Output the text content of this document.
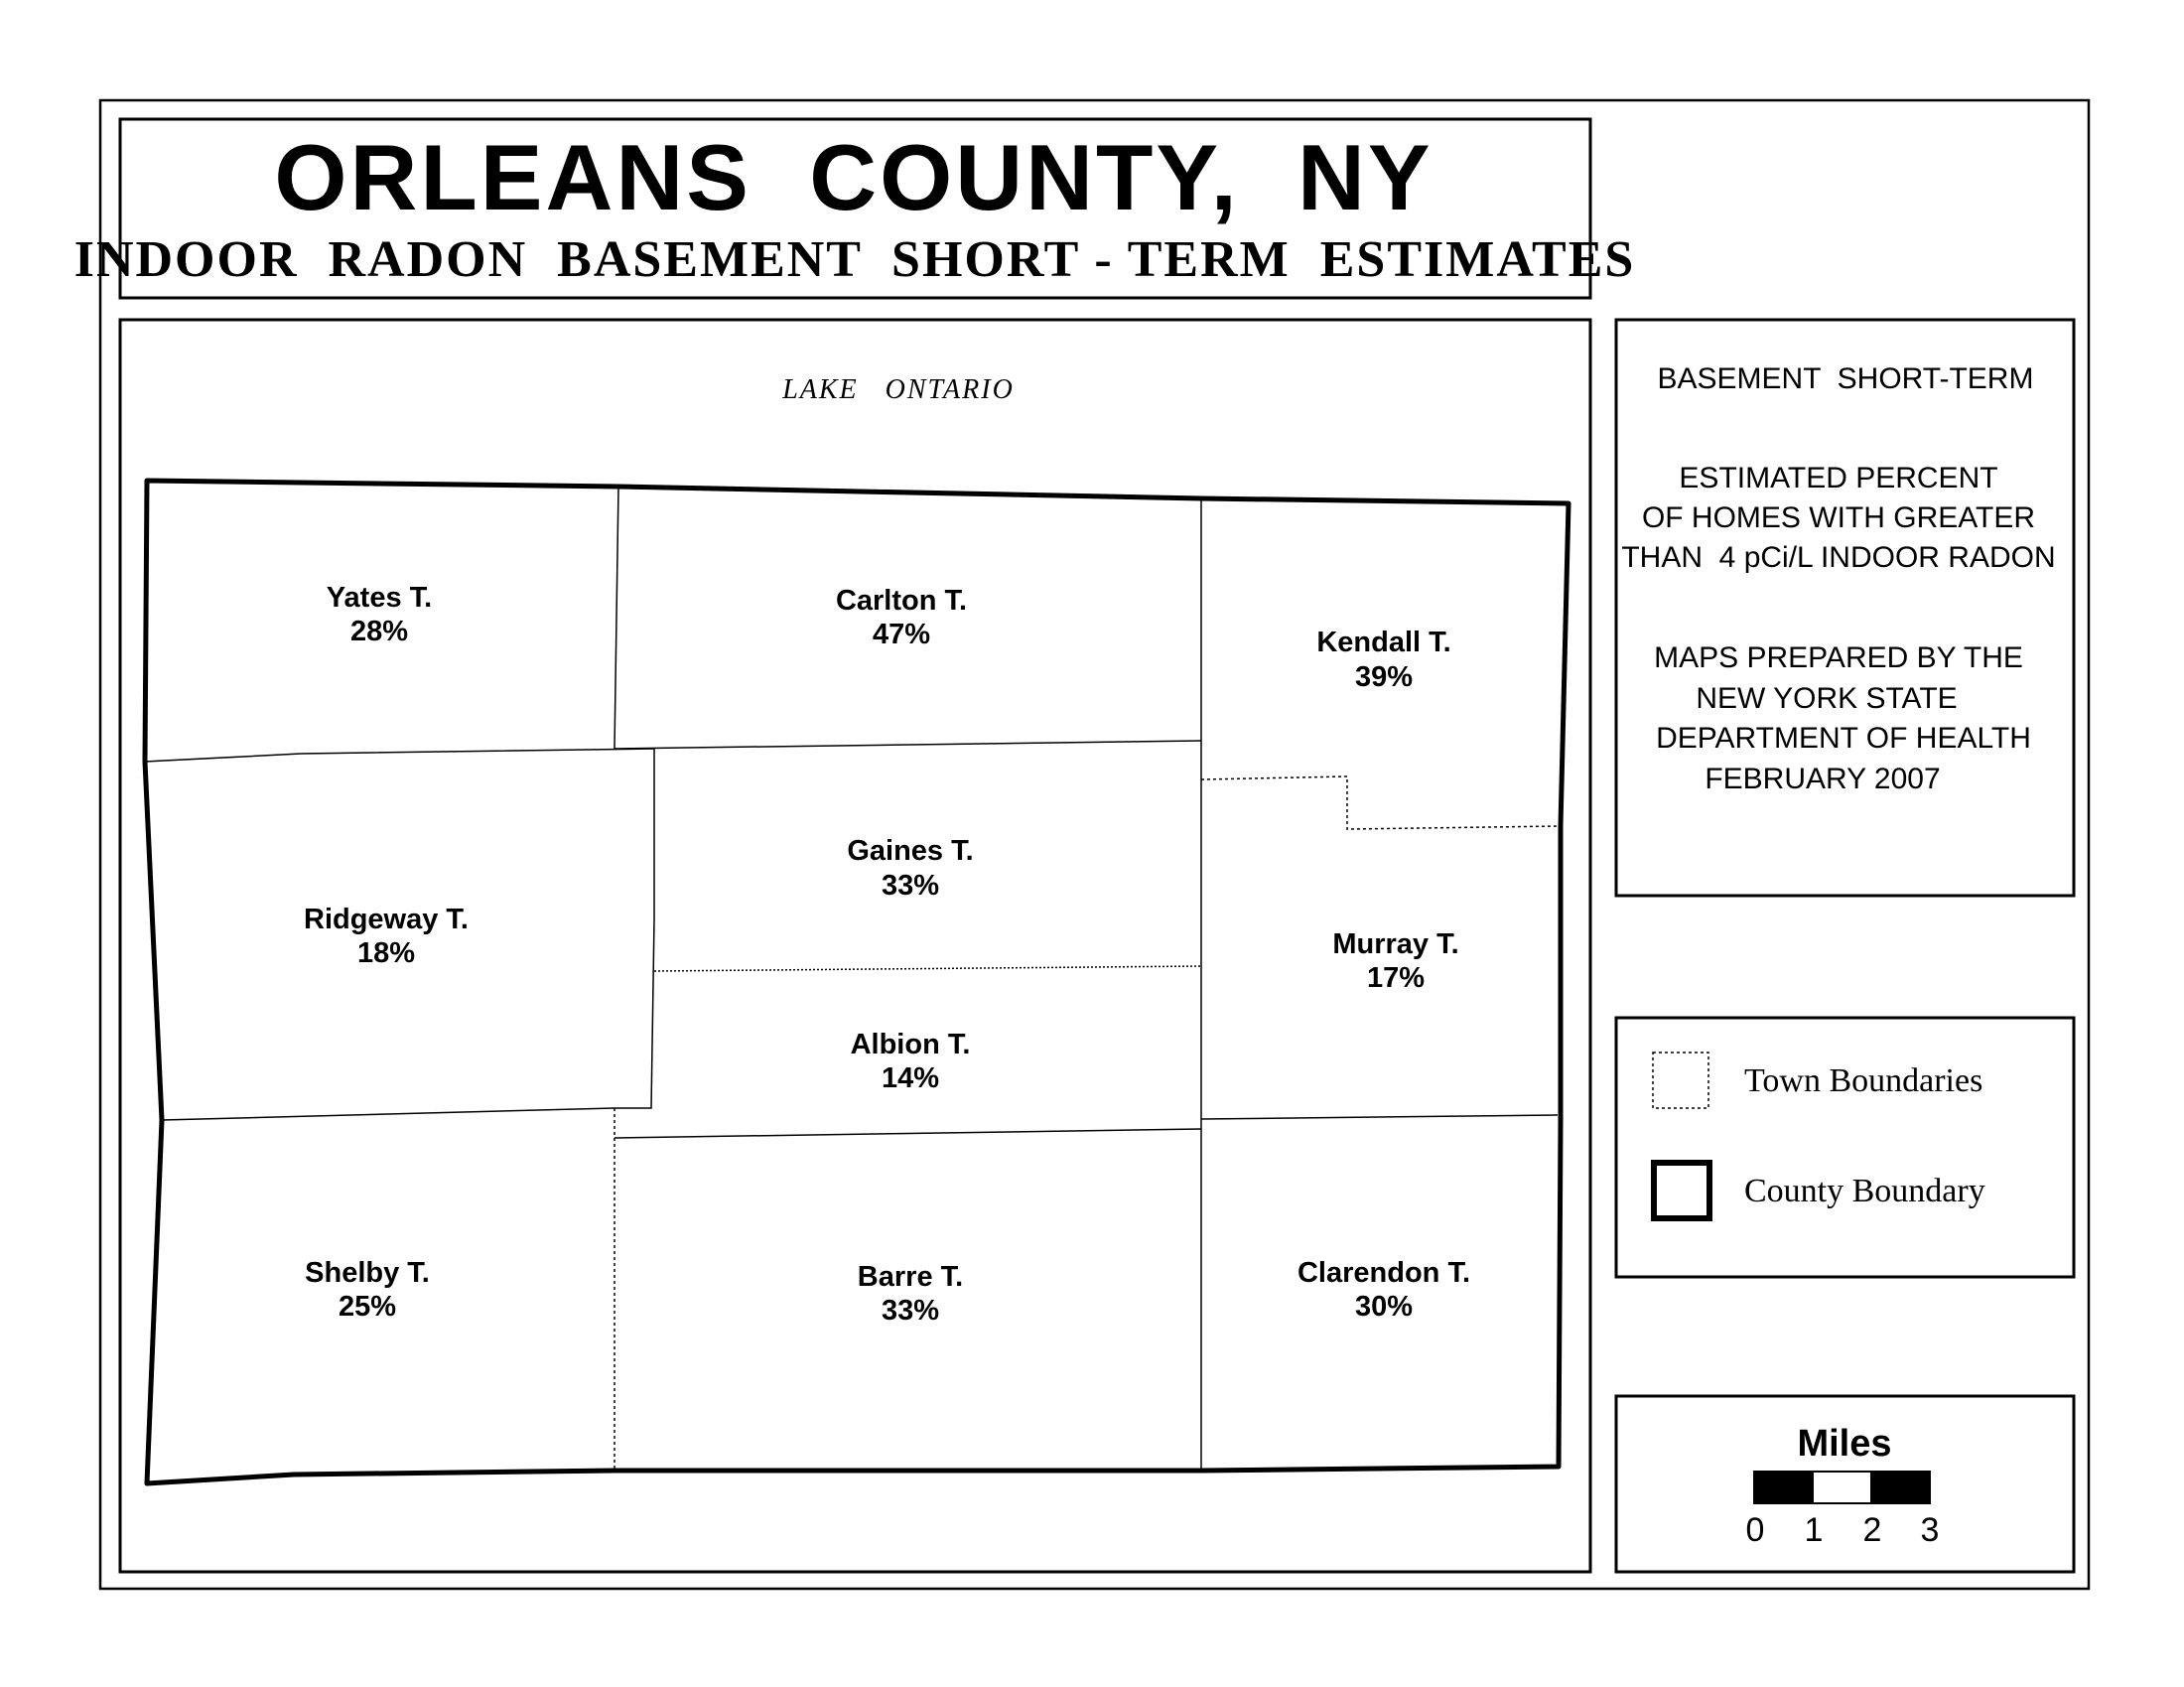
ORLEANS  COUNTY,  NY
INDOOR  RADON  BASEMENT  SHORT - TERM  ESTIMATES
LAKE   ONTARIO
Yates T.
28%
Carlton T.
47%	Kendall T.
39%
Ridgeway T.
18%
Gaines T.
33%
Murray T.
17%
Albion T.
14%
Shelby T.
25%
Barre T.
33%
Clarendon T.
30%
BASEMENT  SHORT-TERM
ESTIMATED PERCENT
OF HOMES WITH GREATER
THAN  4 pCi/L INDOOR RADON
MAPS PREPARED BY THE
NEW YORK STATE
DEPARTMENT OF HEALTH
FEBRUARY 2007
Town Boundaries
County Boundary
Miles
0 1 2 3
